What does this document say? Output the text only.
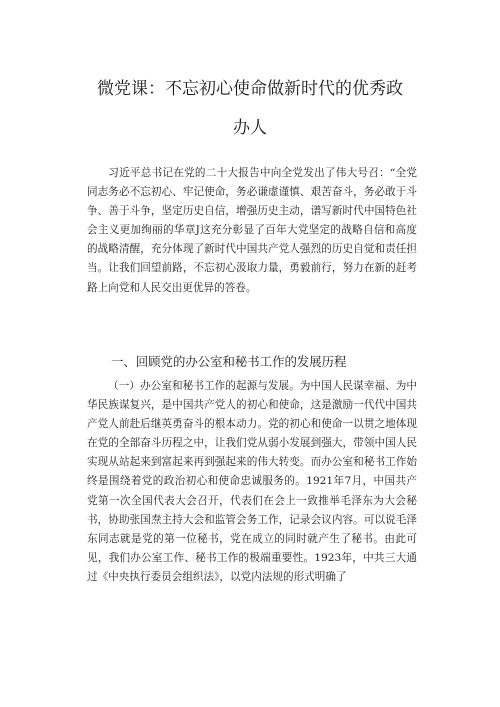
微党课：不忘初心使命做新时代的优秀政
办人
习近平总书记在党的二十大报告中向全党发出了伟大号召：“全党同志务必不忘初心、牢记使命，务必谦虚谨慎、艰苦奋斗，务必敢于斗争、善于斗争，坚定历史自信，增强历史主动，谱写新时代中国特色社会主义更加绚丽的华章J这充分彰显了百年大党坚定的战略自信和高度的战略清醒，充分体现了新时代中国共产党人强烈的历史自觉和责任担当。让我们回望前路，不忘初心汲取力量，勇毅前行，努力在新的赶考路上向党和人民交出更优异的答卷。
一、回顾党的办公室和秘书工作的发展历程
（一）办公室和秘书工作的起源与发展。为中国人民谋幸福、为中华民族谋复兴，是中国共产党人的初心和使命，这是激励一代代中国共产党人前赴后继英勇奋斗的根本动力。党的初心和使命一以贯之地体现在党的全部奋斗历程之中，让我们党从弱小发展到强大，带领中国人民实现从站起来到富起来再到强起来的伟大转变。而办公室和秘书工作始终是围绕着党的政治初心和使命忠诚服务的。1921年7月，中国共产党第一次全国代表大会召开，代表们在会上一致推举毛泽东为大会秘书，协助张国焘主持大会和监管会务工作，记录会议内容。可以说毛泽东同志就是党的第一位秘书，党在成立的同时就产生了秘书。由此可见，我们办公室工作、秘书工作的极端重要性。1923年，中共三大通过《中央执行委员会组织法》，以党内法规的形式明确了
